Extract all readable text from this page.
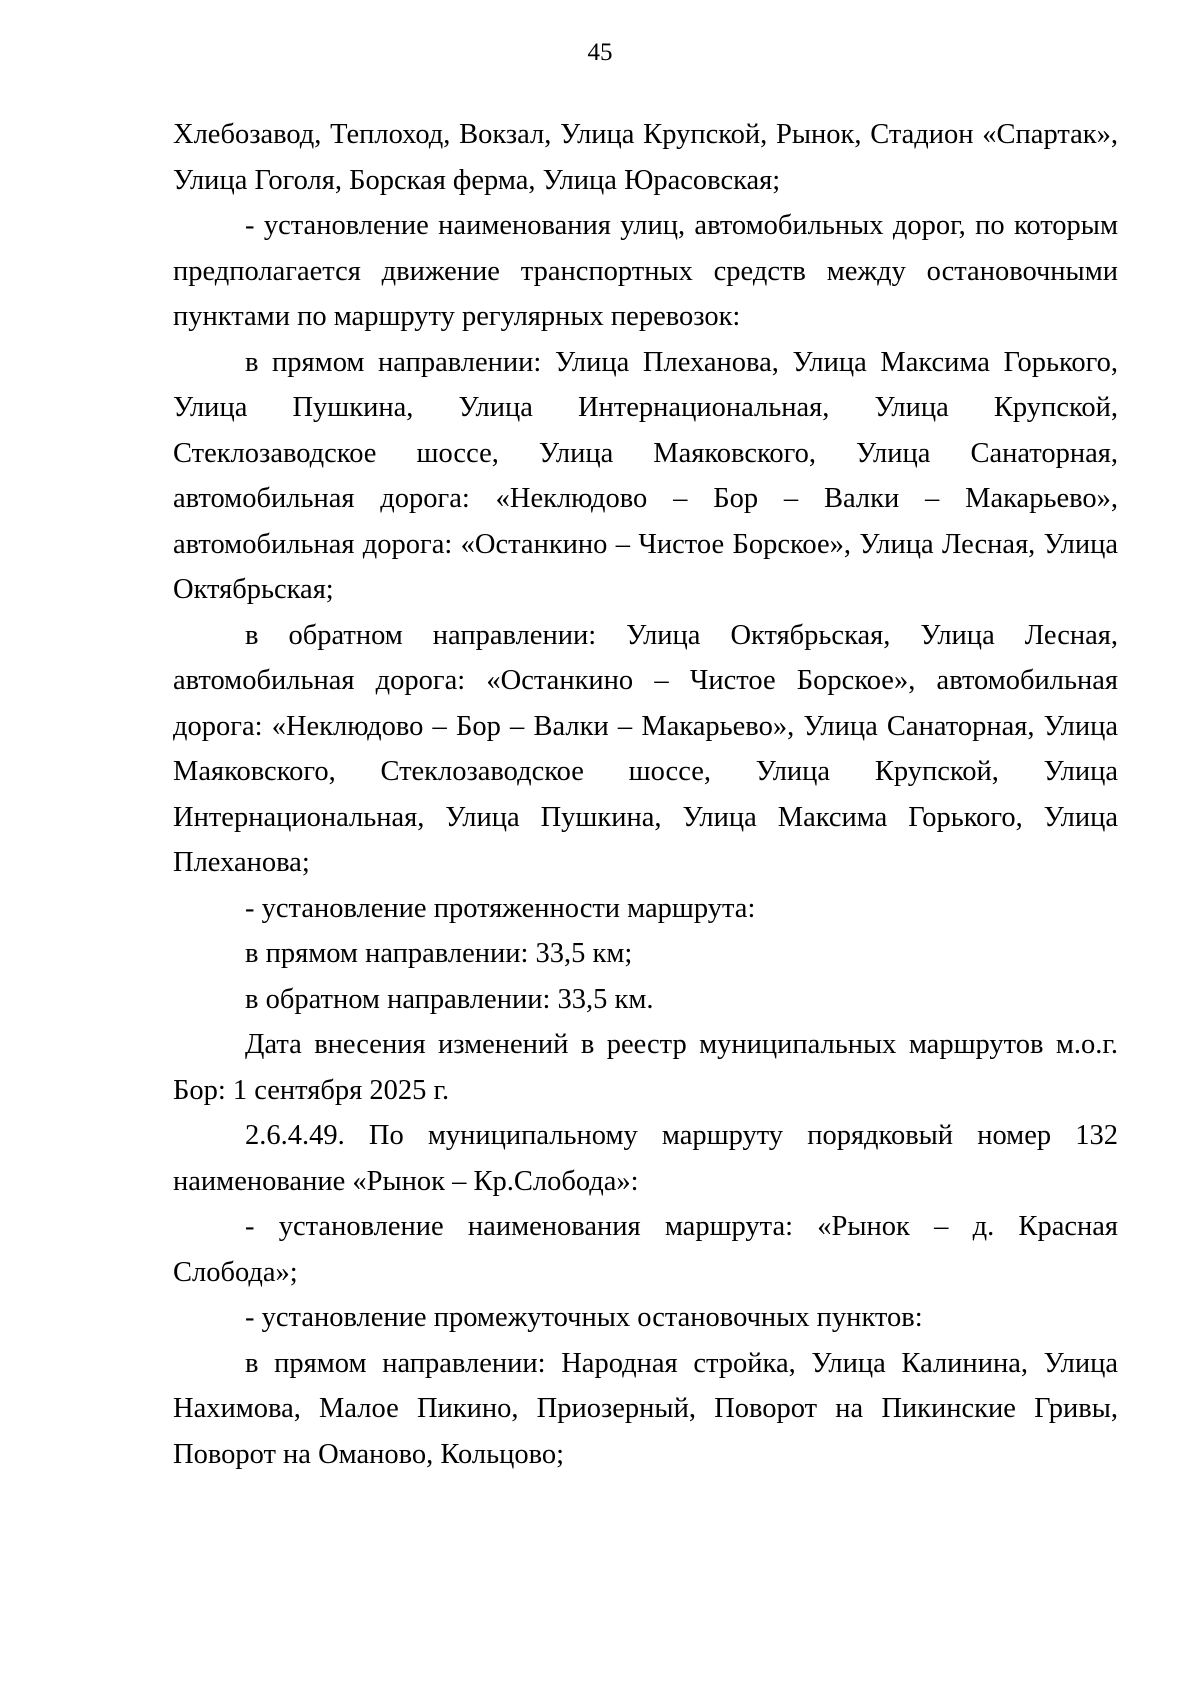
45

Хлебозавод, Теплоход, Вокзал, Улица Крупской, Рынок, Стадион «Спартак», Улица Гоголя, Борская ферма, Улица Юрасовская;

- установление наименования улиц, автомобильных дорог, по которым предполагается движение транспортных средств между остановочными пунктами по маршруту регулярных перевозок:

в прямом направлении: Улица Плеханова, Улица Максима Горького, Улица Пушкина, Улица Интернациональная, Улица Крупской, Стеклозаводское шоссе, Улица Маяковского, Улица Санаторная, автомобильная дорога: «Неклюдово – Бор – Валки – Макарьево», автомобильная дорога: «Останкино – Чистое Борское», Улица Лесная, Улица Октябрьская;

в обратном направлении: Улица Октябрьская, Улица Лесная, автомобильная дорога: «Останкино – Чистое Борское», автомобильная дорога: «Неклюдово – Бор – Валки – Макарьево», Улица Санаторная, Улица Маяковского, Стеклозаводское шоссе, Улица Крупской, Улица Интернациональная, Улица Пушкина, Улица Максима Горького, Улица Плеханова;

- установление протяженности маршрута:

в прямом направлении: 33,5 км;

в обратном направлении: 33,5 км.

Дата внесения изменений в реестр муниципальных маршрутов м.о.г. Бор: 1 сентября 2025 г.

2.6.4.49. По муниципальному маршруту порядковый номер 132 наименование «Рынок – Кр.Слобода»:

- установление наименования маршрута: «Рынок – д. Красная Слобода»;

- установление промежуточных остановочных пунктов:

в прямом направлении: Народная стройка, Улица Калинина, Улица Нахимова, Малое Пикино, Приозерный, Поворот на Пикинские Гривы, Поворот на Оманово, Кольцово;
